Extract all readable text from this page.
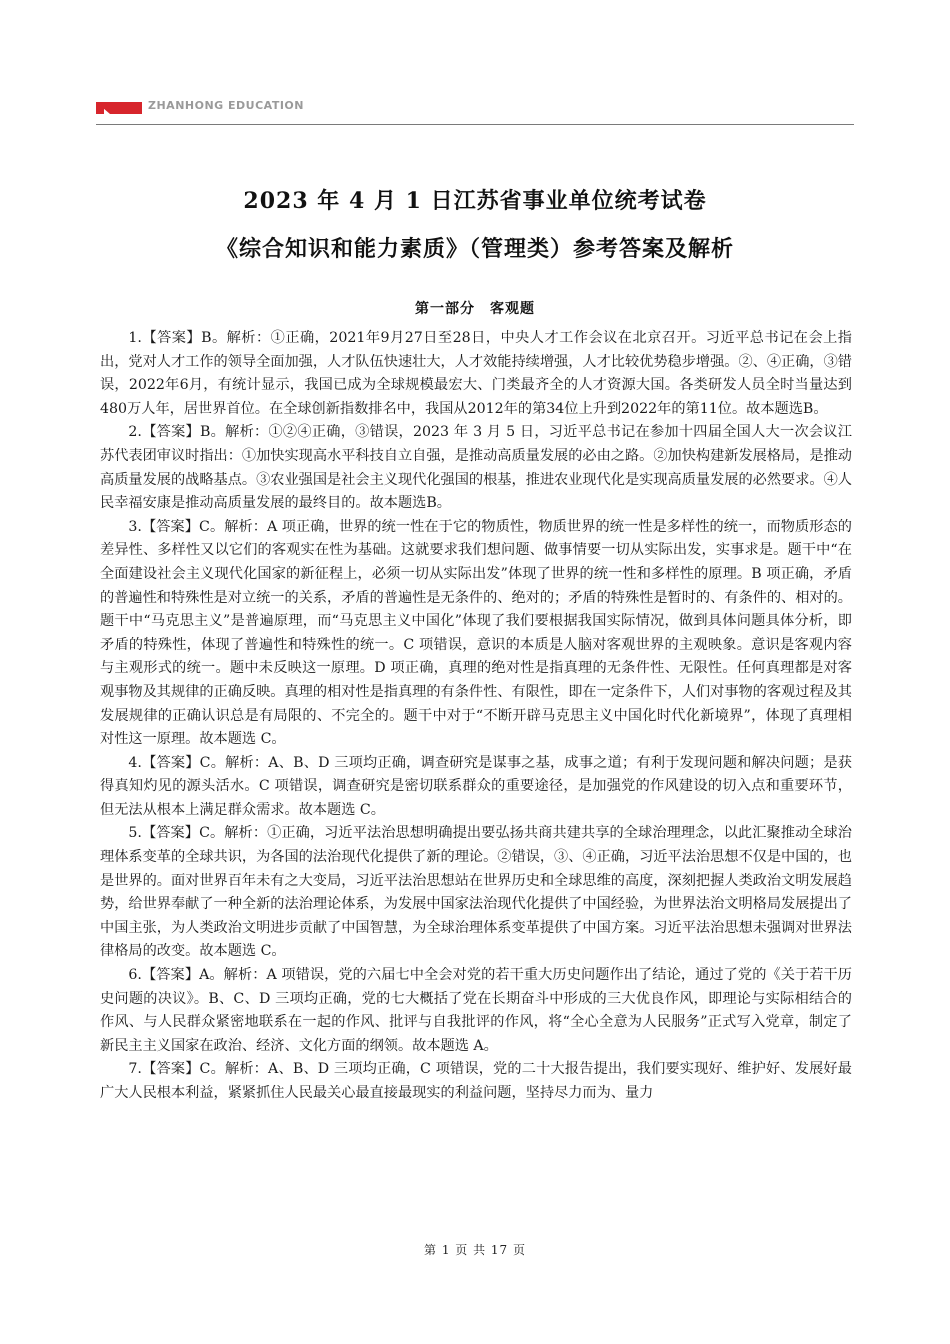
ZHANHONG EDUCATION
2023 年 4 月 1 日江苏省事业单位统考试卷
《综合知识和能力素质》（管理类）参考答案及解析
第一部分　客观题

1.【答案】B。解析：①正确，2021年9月27日至28日，中央人才工作会议在北京召开。习近平总书记在会上指出，党对人才工作的领导全面加强，人才队伍快速壮大，人才效能持续增强，人才比较优势稳步增强。②、④正确，③错误，2022年6月，有统计显示，我国已成为全球规模最宏大、门类最齐全的人才资源大国。各类研发人员全时当量达到480万人年，居世界首位。在全球创新指数排名中，我国从2012年的第34位上升到2022年的第11位。故本题选B。

2.【答案】B。解析：①②④正确，③错误，2023 年 3 月 5 日，习近平总书记在参加十四届全国人大一次会议江苏代表团审议时指出：①加快实现高水平科技自立自强，是推动高质量发展的必由之路。②加快构建新发展格局，是推动高质量发展的战略基点。③农业强国是社会主义现代化强国的根基，推进农业现代化是实现高质量发展的必然要求。④人民幸福安康是推动高质量发展的最终目的。故本题选B。

3.【答案】C。解析：A 项正确，世界的统一性在于它的物质性，物质世界的统一性是多样性的统一，而物质形态的差异性、多样性又以它们的客观实在性为基础。这就要求我们想问题、做事情要一切从实际出发，实事求是。题干中“在全面建设社会主义现代化国家的新征程上，必须一切从实际出发”体现了世界的统一性和多样性的原理。B 项正确，矛盾的普遍性和特殊性是对立统一的关系，矛盾的普遍性是无条件的、绝对的；矛盾的特殊性是暂时的、有条件的、相对的。题干中“马克思主义”是普遍原理，而“马克思主义中国化”体现了我们要根据我国实际情况，做到具体问题具体分析，即矛盾的特殊性，体现了普遍性和特殊性的统一。C 项错误，意识的本质是人脑对客观世界的主观映象。意识是客观内容与主观形式的统一。题中未反映这一原理。D 项正确，真理的绝对性是指真理的无条件性、无限性。任何真理都是对客观事物及其规律的正确反映。真理的相对性是指真理的有条件性、有限性，即在一定条件下，人们对事物的客观过程及其发展规律的正确认识总是有局限的、不完全的。题干中对于“不断开辟马克思主义中国化时代化新境界”，体现了真理相对性这一原理。故本题选 C。

4.【答案】C。解析：A、B、D 三项均正确，调查研究是谋事之基，成事之道；有利于发现问题和解决问题；是获得真知灼见的源头活水。C 项错误，调查研究是密切联系群众的重要途径，是加强党的作风建设的切入点和重要环节，但无法从根本上满足群众需求。故本题选 C。

5.【答案】C。解析：①正确，习近平法治思想明确提出要弘扬共商共建共享的全球治理理念，以此汇聚推动全球治理体系变革的全球共识，为各国的法治现代化提供了新的理论。②错误，③、④正确，习近平法治思想不仅是中国的，也是世界的。面对世界百年未有之大变局，习近平法治思想站在世界历史和全球思维的高度，深刻把握人类政治文明发展趋势，给世界奉献了一种全新的法治理论体系，为发展中国家法治现代化提供了中国经验，为世界法治文明格局发展提出了中国主张，为人类政治文明进步贡献了中国智慧，为全球治理体系变革提供了中国方案。习近平法治思想未强调对世界法律格局的改变。故本题选 C。

6.【答案】A。解析：A 项错误，党的六届七中全会对党的若干重大历史问题作出了结论，通过了党的《关于若干历史问题的决议》。B、C、D 三项均正确，党的七大概括了党在长期奋斗中形成的三大优良作风，即理论与实际相结合的作风、与人民群众紧密地联系在一起的作风、批评与自我批评的作风，将“全心全意为人民服务”正式写入党章，制定了新民主主义国家在政治、经济、文化方面的纲领。故本题选 A。

7.【答案】C。解析：A、B、D 三项均正确，C 项错误，党的二十大报告提出，我们要实现好、维护好、发展好最广大人民根本利益，紧紧抓住人民最关心最直接最现实的利益问题，坚持尽力而为、量力

第 1 页 共 17 页
